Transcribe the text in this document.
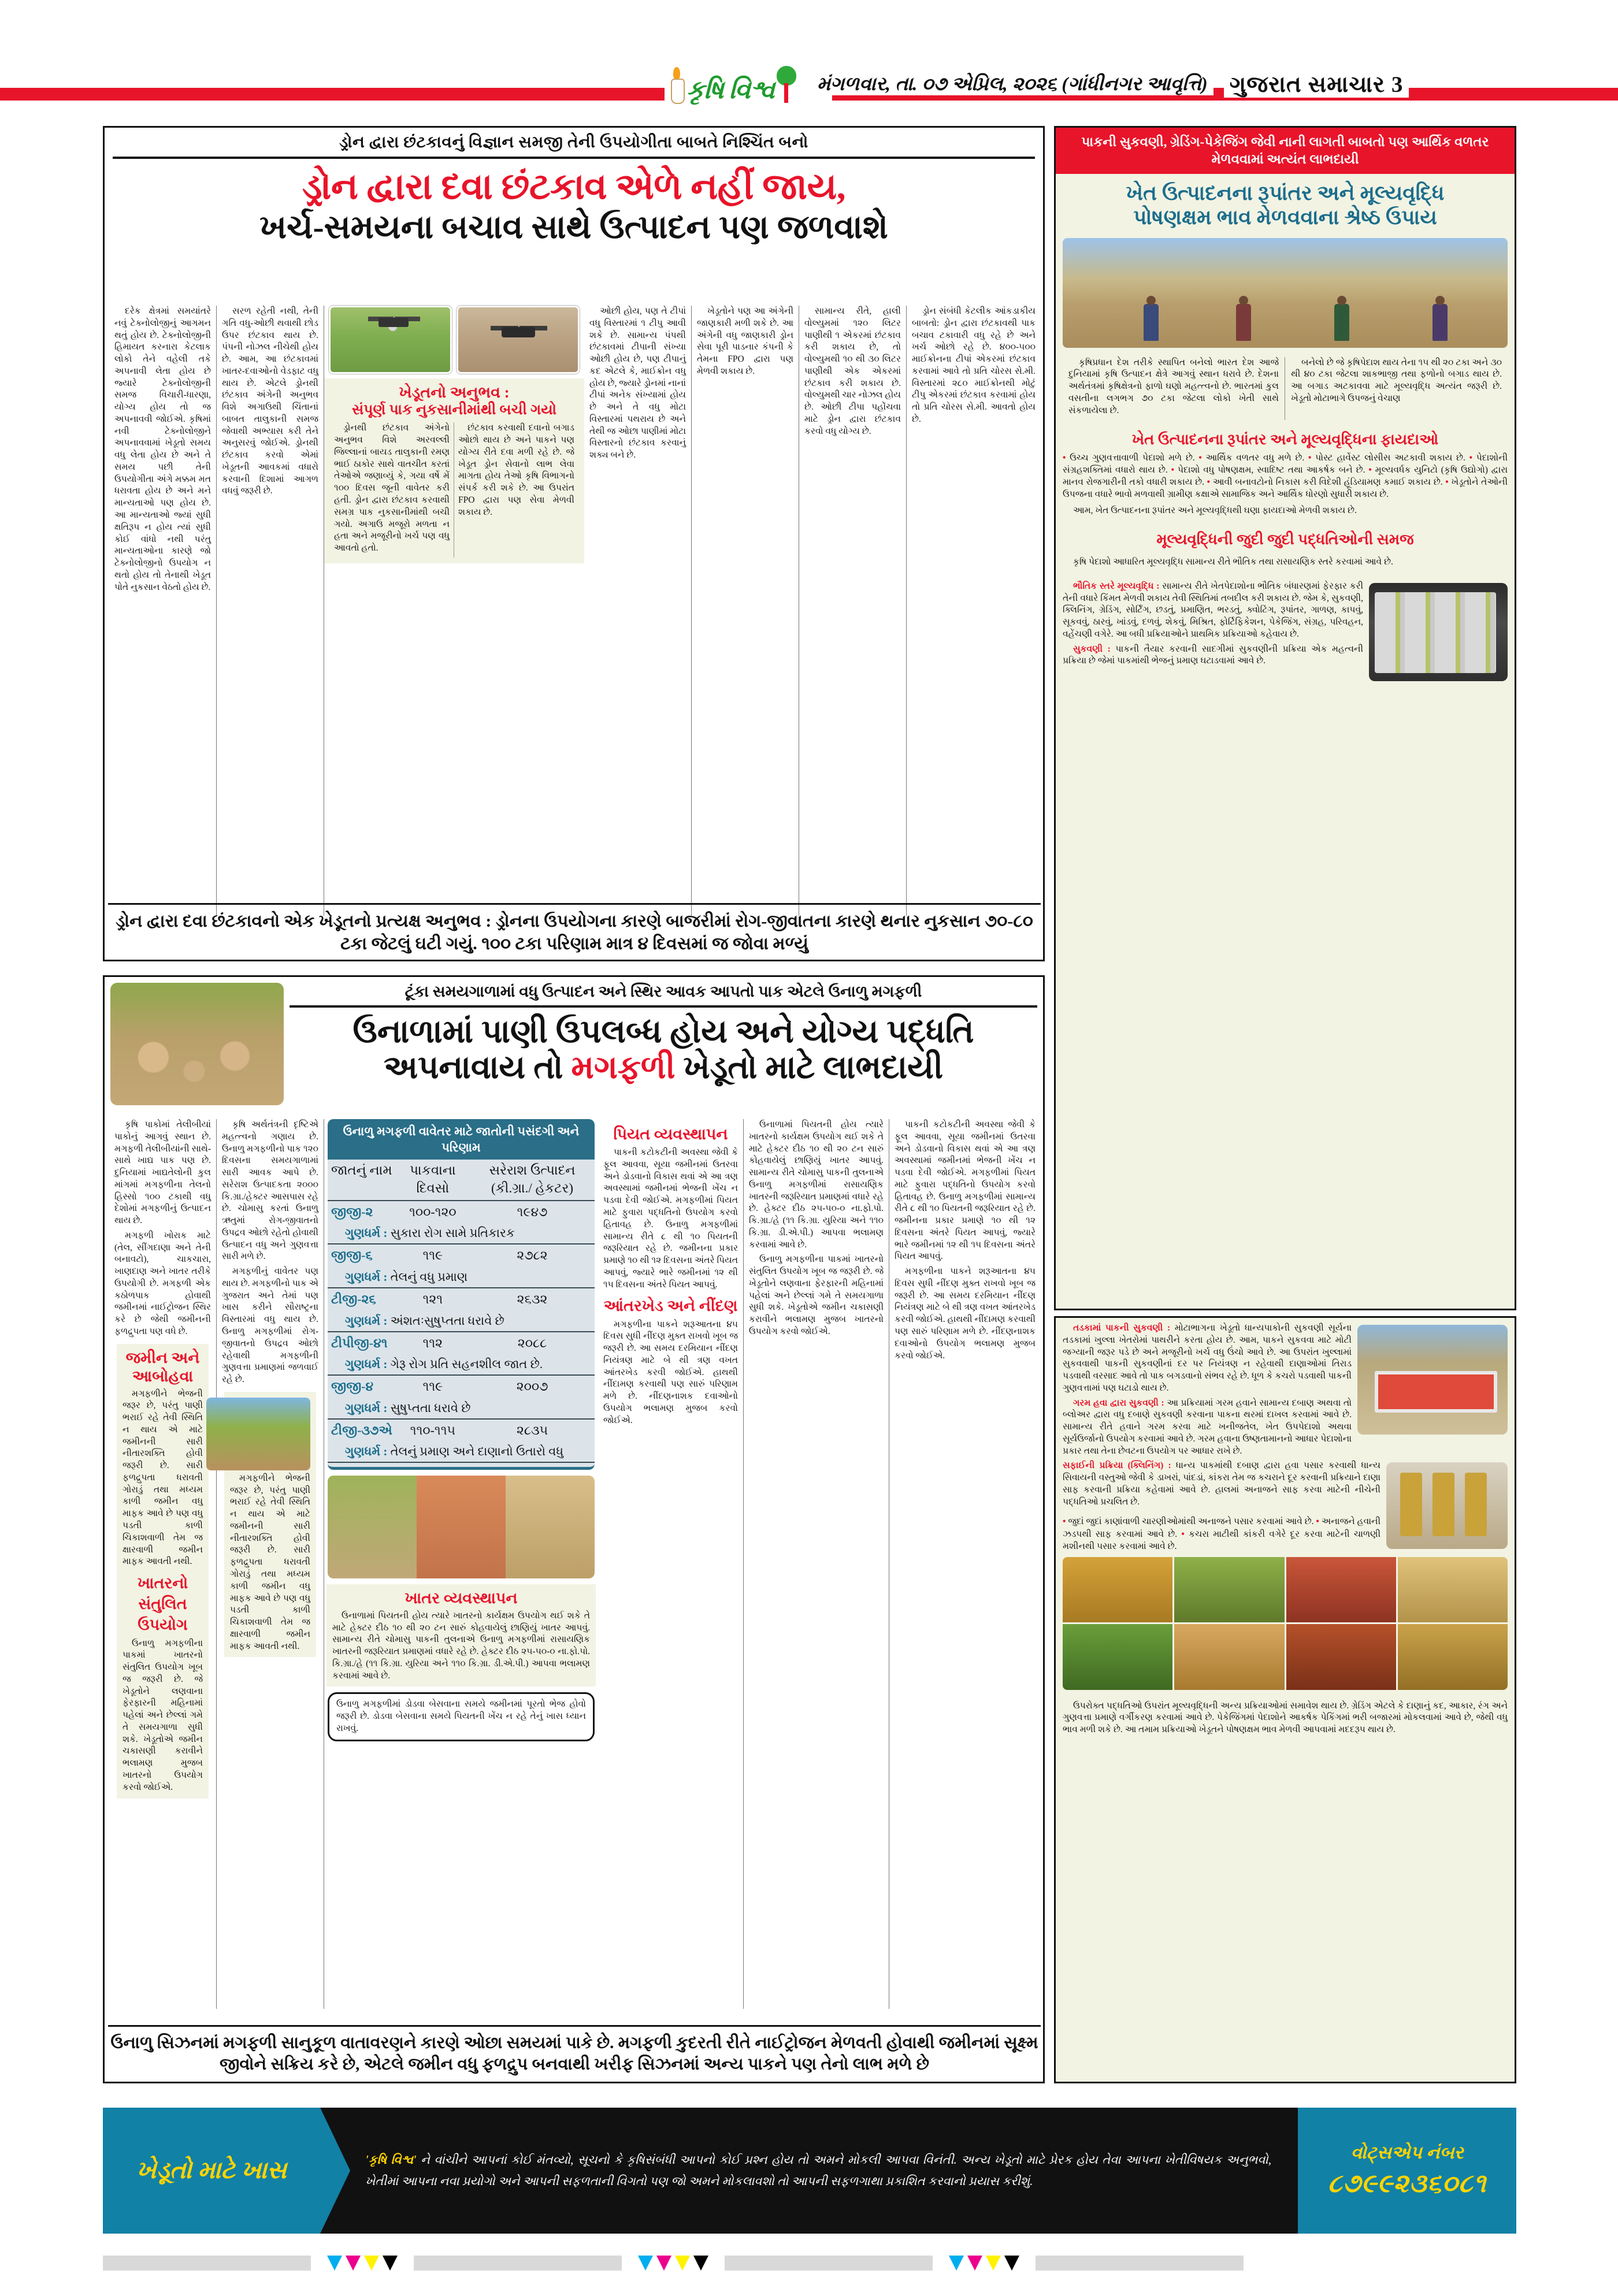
કૃષિ વિશ્વ	મંગળવાર, તા. ૦૭ એપ્રિલ, ૨૦૨૬ (ગાંધીનગર આવૃત્તિ) ગુજરાત સમાચાર 3
ડ્રોન દ્વારા છંટકાવનું વિજ્ઞાન સમજી તેની ઉપયોગીતા બાબતે નિશ્ચિંત બનો
ડ્રોન દ્વારા દવા છંટકાવ એળે નહીં જાય,
ખર્ચ-સમયના બચાવ સાથે ઉત્પાદન પણ જળવાશે

દરેક ક્ષેત્રમાં સમયાંતરે નવું ટેક્નોલોજીનું આગમન થતું હોય છે. ટેક્નોલોજીની હિમાયત કરનારા કેટલાક લોકો તેને વહેલી તકે અપનાવી લેતા હોય છે જ્યારે ટેક્નોલોજીની સમજ વિચારી-ધારણા, યોગ્ય હોય તો જ અપનાવવી જોઈએ. કૃષિમાં નવી ટેક્નોલોજીને અપનાવવામાં ખેડૂતો સમય વધુ લેતા હોય છે અને તે સમય પછી તેની ઉપયોગીતા અંગે મક્કમ મત ધરાવતા હોય છે અને મને માન્યતાઓ પણ હોય છે. આ માન્યતાઓ જ્યાં સુધી ક્ષતિરૂપ ન હોય ત્યાં સુધી કોઈ વાંધો નથી પરંતુ માન્યતાઓના કારણે જો ટેક્નોલોજીનો ઉપયોગ ન થતો હોય તો તેનાથી ખેડૂત પોતે નુકસાન વેઠતો હોય છે.

સરળ રહેતી નથી, તેની ગતિ વધુ-ઓછી થવાથી છોડ ઉપર છંટકાવ થાય છે. પંપની નોઝલ નીચેથી હોય છે. આમ, આ છંટકાવમાં ખાતર-દવાઓનો વેડફાટ વધુ થાય છે. એટલે ડ્રોનથી છંટકાવ અંગેની અનુભવ વિશે અગાઉથી ચિંતાનાં બાબત તાલુકાની સમજ જેવાથી અભ્યાસ કરી તેને અનુસરવું જોઈએ. ડ્રોનથી છંટકાવ કરવો એમાં ખેડૂતની આવકમાં વધારો કરવાની દિશામાં આગળ વધવું જરૂરી છે.

ખેડૂતનો અનુભવ :
સંપૂર્ણ પાક નુકસાનીમાંથી બચી ગયો

ડ્રોનથી છંટકાવ અંગેનો અનુભવ વિશે અરવલ્લી જિલ્લાનાં બાયડ તાલુકાની રમણ ભાઈ ઠાકોર સાથે વાતચીત કરતાં તેઓએ જણાવ્યું કે, ગયા વર્ષે મેં ૧૦૦ દિવસ જૂની વાવેતર કરી હતી. ડ્રોન દ્વારા છંટકાવ કરવાથી સમગ્ર પાક નુકસાનીમાંથી બચી ગયો. અગાઉ મજૂરો મળતા ન હતા અને મજૂરીનો ખર્ચ પણ વધુ આવતો હતો.

છંટકાવ કરવાથી દવાનો બગાડ ઓછો થાય છે અને પાકને પણ યોગ્ય રીતે દવા મળી રહે છે. જે ખેડૂત ડ્રોન સેવાનો લાભ લેવા માગતા હોય તેઓ કૃષિ વિભાગનો સંપર્ક કરી શકે છે. આ ઉપરાંત FPO દ્વારા પણ સેવા મેળવી શકાય છે.

ઓછી હોય, પણ તે ટીપાં વધુ વિસ્તારમાં ૧ ટીપુ આવી શકે છે. સામાન્ય પંપથી છંટકાવમાં ટીપાની સંખ્યા ઓછી હોય છે, પણ ટીપાનું કદ એટલે કે, માઈક્રોન વધુ હોય છે, જ્યારે ડ્રોનમાં નાનાં ટીપાં અનેક સંખ્યામાં હોય છે અને તે વધુ મોટા વિસ્તારમાં પથરાય છે અને તેથી જ ઓછા પાણીમાં મોટા વિસ્તારનો છંટકાવ કરવાનું શક્ય બને છે.

ખેડૂતોને પણ આ અંગેની જાણકારી મળી શકે છે. આ અંગેની વધુ જાણકારી ડ્રોન સેવા પૂરી પાડનાર કંપની કે તેમના FPO દ્વારા પણ મેળવી શકાય છે.

સામાન્ય રીતે, હાલી વોલ્યુમમાં ૧૨૦ લિટર પાણીથી ૧ એકરમાં છંટકાવ કરી શકાય છે, તો વોલ્યુમથી ૧૦ થી ૩૦ લિટર પાણીથી એક એકરમાં છંટકાવ કરી શકાય છે. વોલ્યુમથી ચાર નોઝલ હોય છે. ઓછી ટીપા પહોંચવા માટે ડ્રોન દ્વારા છંટકાવ કરવો વધુ યોગ્ય છે.

ડ્રોન સંબંધી કેટલીક આંકડાકીય બાબતો: ડ્રોન દ્વારા છંટકાવથી પાક બચાવ ટકાવારી વધુ રહે છે અને ખર્ચ ઓછો રહે છે. ૪૦૦-૫૦૦ માઈક્રોનના ટીપાં એકરમાં છંટકાવ કરવામાં આવે તો પ્રતિ ચોરસ સે.મી. વિસ્તારમાં ૨૮૦ માઈક્રોનથી મોટું ટીપુ એકરમાં છંટકાવ કરવામાં હોય તો પ્રતિ ચોરસ સે.મી. આવતો હોય છે.

ડ્રોન દ્વારા દવા છંટકાવનો એક ખેડૂતનો પ્રત્યક્ષ અનુભવ : ડ્રોનના ઉપયોગના કારણે બાજરીમાં રોગ-જીવાતના કારણે થનાર નુકસાન ૭૦-૮૦ ટકા જેટલું ઘટી ગયું. ૧૦૦ ટકા પરિણામ માત્ર ૪ દિવસમાં જ જોવા મળ્યું

પાકની સુકવણી, ગ્રેડિંગ-પેકેજિંગ જેવી નાની લાગતી બાબતો પણ આર્થિક વળતર મેળવવામાં અત્યંત લાભદાયી
ખેત ઉત્પાદનના રૂપાંતર અને મૂલ્યવૃદ્ધિ
પોષણક્ષમ ભાવ મેળવવાના શ્રેષ્ઠ ઉપાય

કૃષિપ્રધાન દેશ તરીકે સ્થાપિત બનેલો ભારત દેશ આજે દુનિયામાં કૃષિ ઉત્પાદન ક્ષેત્રે આગવું સ્થાન ધરાવે છે. દેશના અર્થતંત્રમાં કૃષિક્ષેત્રનો ફાળો ઘણો મહત્ત્વનો છે. ભારતમાં કુલ વસતીના લગભગ ૭૦ ટકા જેટલા લોકો ખેતી સાથે સંકળાયેલા છે.

બનેલો છે જે કૃષિપેદાશ થાય તેના ૧૫ થી ૨૦ ટકા અને ૩૦ થી ૪૦ ટકા જેટલા શાકભાજી તથા ફળોનો બગાડ થાય છે. આ બગાડ અટકાવવા માટે મૂલ્યવૃદ્ધિ અત્યંત જરૂરી છે. ખેડૂતો મોટાભાગે ઉપજનું વેચાણ

ખેત ઉત્પાદનના રૂપાંતર અને મૂલ્યવૃદ્ધિના ફાયદાઓ
• ઉચ્ચ ગુણવત્તાવાળી પેદાશો મળે છે. • આર્થિક વળતર વધુ મળે છે. • પોસ્ટ હાર્વેસ્ટ લોસીસ અટકાવી શકાય છે. • પેદાશોની સંગ્રહશક્તિમાં વધારો થાય છે. • પેદાશો વધુ પોષણક્ષમ, સ્વાદિષ્ટ તથા આકર્ષક બને છે. • મૂલ્યવર્ધક યુનિટો (કૃષિ ઉદ્યોગો) દ્વારા માનવ રોજગારીની તકો વધારી શકાય છે. • આવી બનાવટોનો નિકાસ કરી વિદેશી હૂંડિયામણ કમાઈ શકાય છે. • ખેડૂતોને તેઓની ઉપજના વધારે ભાવો મળવાથી ગ્રામીણ કક્ષાએ સામાજિક અને આર્થિક ધોરણો સુધારી શકાય છે.

આમ, ખેત ઉત્પાદનના રૂપાંતર અને મૂલ્યવૃદ્ધિથી ઘણા ફાયદાઓ મેળવી શકાય છે.

મૂલ્યવૃદ્ધિની જુદી જુદી પદ્ધતિઓની સમજ

કૃષિ પેદાશો આધારિત મૂલ્યવૃદ્ધિ સામાન્ય રીતે ભૌતિક તથા રાસાયણિક સ્તરે કરવામાં આવે છે.

ભૌતિક સ્તરે મૂલ્યવૃદ્ધિ : સામાન્ય રીતે ખેતપેદાશોના ભૌતિક બંધારણમાં ફેરફાર કરી તેની વધારે કિંમત મેળવી શકાય તેવી સ્થિતિમાં તબદીલ કરી શકાય છે. જેમ કે, સુકવણી, ક્લિનિંગ, ગ્રેડિંગ, સોર્ટિંગ, છડતું, પ્રમાણિત, ભરડતું, ક્વોટિંગ, રૂપાંતર, ગાળણ, કાપવું, સૂકવવું, ઠારવું, ખાંડવું, દળવું, શેકવું, મિશ્રિત, ફોર્ટિફિકેશન, પેકેજિંગ, સંગ્રહ, પરિવહન, વહેંચણી વગેરે. આ બધી પ્રક્રિયાઓને પ્રાથમિક પ્રક્રિયાઓ કહેવાય છે.

સુકવણી : પાકની તૈયાર કરવાની સાદગીમાં સુકવણીની પ્રક્રિયા એક મહત્વની પ્રક્રિયા છે જેમાં પાકમાંથી ભેજનું પ્રમાણ ઘટાડવામાં આવે છે.

તડકામાં પાકની સુકવણી : મોટાભાગના ખેડૂતો ધાન્યપાકોની સુકવણી સૂર્યના તડકામાં ખુલ્લા ખેતરોમાં પાથરીને કરતા હોય છે. આમ, પાકને સુકવવા માટે મોટી જગ્યાની જરૂર પડે છે અને મજૂરીનો ખર્ચ વધુ ઉંચો આવે છે. આ ઉપરાંત ખુલ્લામાં સુકવવાથી પાકની સુકવણીનાં દર પર નિયંત્રણ ન રહેવાથી દાણાઓમાં તિરાડ પડવાથી વરસાદ આવે તો પાક બગડવાનો સંભવ રહે છે. ધૂળ કે કચરો પડવાથી પાકની ગુણવત્તામાં પણ ઘટાડો થાય છે.

ગરમ હવા દ્વારા સુકવણી : આ પ્રક્રિયામાં ગરમ હવાને સામાન્ય દબાણ અથવા તો બ્લોઅર દ્વારા વધુ દબાણે સુકવણી કરવાના પાકના થરમાં દાખલ કરવામાં આવે છે. સામાન્ય રીતે હવાને ગરમ કરવા માટે ખનીજતેલ, ખેત ઉપપેદાશો અથવા સૂર્યઉર્જાનો ઉપયોગ કરવામાં આવે છે. ગરમ હવાના ઉષ્ણતામાનનો આધાર પેદાશોના પ્રકાર તથા તેના છેવટના ઉપયોગ પર આધાર રાખે છે.

સફાઈની પ્રક્રિયા (ક્લિનિંગ) : ધાન્ય પાકમાંથી દબાણ દ્વારા હવા પસાર કરવાથી ધાન્ય સિવાયની વસ્તુઓ જેવી કે ડાખરાં, પાંદડાં, કાંકરા તેમ જ કચરાને દૂર કરવાની પ્રક્રિયાને દાણા સાફ કરવાની પ્રક્રિયા કહેવામાં આવે છે. હાલમાં અનાજને સાફ કરવા માટેની નીચેની પદ્ધતિઓ પ્રચલિત છે.

• જુદાં જુદાં કાણાંવાળી ચારણીઓમાંથી અનાજને પસાર કરવામાં આવે છે. • અનાજને હવાની ઝડપથી સાફ કરવામાં આવે છે. • કચરા માટીથી કાંકરી વગેરે દૂર કરવા માટેની ચાળણી મશીનથી પસાર કરવામાં આવે છે.

ઉપરોક્ત પદ્ધતિઓ ઉપરાંત મૂલ્યવૃદ્ધિની અન્ય પ્રક્રિયાઓમાં સમાવેશ થાય છે. ગ્રેડિંગ એટલે કે દાણાનું કદ, આકાર, રંગ અને ગુણવત્તા પ્રમાણે વર્ગીકરણ કરવામાં આવે છે. પેકેજિંગમાં પેદાશોને આકર્ષક પેકિંગમાં ભરી બજારમાં મોકલવામાં આવે છે, જેથી વધુ ભાવ મળી શકે છે. આ તમામ પ્રક્રિયાઓ ખેડૂતને પોષણક્ષમ ભાવ મેળવી આપવામાં મદદરૂપ થાય છે.

ટૂંકા સમયગાળામાં વધુ ઉત્પાદન અને સ્થિર આવક આપતો પાક એટલે ઉનાળુ મગફળી
ઉનાળામાં પાણી ઉપલબ્ધ હોય અને યોગ્ય પદ્ધતિ
અપનાવાય તો મગફળી ખેડૂતો માટે લાભદાયી

કૃષિ પાકોમાં તેલીબીયાં પાકોનું આગવું સ્થાન છે. મગફળી તેલીબીયાંની સાથે-સાથે ખાદ્ય પાક પણ છે. દુનિયામાં ખાદ્યતેલોની કુલ માંગમાં મગફળીના તેલનો હિસ્સો ૧૦૦ ટકાથી વધુ દેશોમાં મગફળીનું ઉત્પાદન થાય છે.

મગફળી ખોરાક માટે (તેલ, સીંગદાણા અને તેની બનાવટો), ચાકચારા, ખાણદાણ અને ખાતર તરીકે ઉપયોગી છે. મગફળી એક કઠોળપાક હોવાથી જમીનમાં નાઈટ્રોજન સ્થિર કરે છે જેથી જમીનની ફળદ્રુપતા પણ વધે છે.

જમીન અને આબોહવા

મગફળીને ભેજની જરૂર છે, પરંતુ પાણી ભરાઈ રહે તેવી સ્થિતિ ન થાય એ માટે જમીનની સારી નીતારશક્તિ હોવી જરૂરી છે. સારી ફળદ્રુપતા ધરાવતી ગોરાડું તથા મધ્યમ કાળી જમીન વધુ માફક આવે છે પણ વધુ પડતી કાળી ચિકાશવાળી તેમ જ ક્ષારવાળી જમીન માફક આવતી નથી.

ખાતરનો સંતુલિત ઉપયોગ

ઉનાળુ મગફળીના પાકમાં ખાતરનો સંતુલિત ઉપયોગ ખૂબ જ જરૂરી છે. જે ખેડૂતોને લણવાના ફેરફારની મહિનામાં પહેલાં અને છેલ્લાં ગમે તે સમયગાળા સુધી શકે. ખેડૂતોએ જમીન ચકાસણી કરાવીને ભલામણ મુજબ ખાતરનો ઉપયોગ કરવો જોઈએ.

કૃષિ અર્થતંત્રની દૃષ્ટિએ મહત્ત્વનો ગણાય છે. ઉનાળુ મગફળીનો પાક ૧૨૦ દિવસના સમયગાળામાં સારી આવક આપે છે. સરેરાશ ઉત્પાદકતા ૨૦૦૦ કિ.ગ્રા./હેક્ટર આસપાસ રહે છે. ચોમાસુ કરતાં ઉનાળુ ઋતુમાં રોગ-જીવાતનો ઉપદ્રવ ઓછો રહેતો હોવાથી ઉત્પાદન વધુ અને ગુણવત્તા સારી મળે છે.

મગફળીનું વાવેતર પણ થાય છે. મગફળીનો પાક એ ગુજરાત અને તેમાં પણ ખાસ કરીને સૌરાષ્ટ્રના વિસ્તારમાં વધુ થાય છે. ઉનાળુ મગફળીમાં રોગ-જીવાતનો ઉપદ્રવ ઓછો રહેવાથી મગફળીની ગુણવત્તા પ્રમાણમાં જળવાઈ રહે છે.

મગફળીને ભેજની જરૂર છે, પરંતુ પાણી ભરાઈ રહે તેવી સ્થિતિ ન થાય એ માટે જમીનની સારી નીતારશક્તિ હોવી જરૂરી છે. સારી ફળદ્રુપતા ધરાવતી ગોરાડું તથા મધ્યમ કાળી જમીન વધુ માફક આવે છે પણ વધુ પડતી કાળી ચિકાશવાળી તેમ જ ક્ષારવાળી જમીન માફક આવતી નથી.

ઉનાળુ મગફળી વાવેતર માટે જાતોની પસંદગી અને પરિણામ
જાતનું નામ	પાકવાના દિવસો	સરેરાશ ઉત્પાદન (કી.ગ્રા./ હેકટર)
જીજી-૨	૧૦૦-૧૨૦	૧૯૪૭
ગુણધર્મ : સુકારા રોગ સામે પ્રતિકારક		
જીજી-૬	૧૧૯	૨૭૮૨
ગુણધર્મ : તેલનું વધુ પ્રમાણ		
ટીજી-૨૬	૧૨૧	૨૬૩૨
ગુણધર્મ : અંશતઃસુષુપ્તતા ધરાવે છે		
ટીપીજી-૪૧	૧૧૨	૨૦૮૮
ગુણધર્મ : ગેરૂ રોગ પ્રતિ સહનશીલ જાત છે.		
જીજી-૪	૧૧૯	૨૦૦૭
ગુણધર્મ : સુષુપ્તતા ધરાવે છે		
ટીજી-૩૭એ	૧૧૦-૧૧૫	૨૮૩૫
ગુણધર્મ : તેલનું પ્રમાણ અને દાણાનો ઉતારો વધુ		
ખાતર વ્યવસ્થાપન

ઉનાળામાં પિયતની હોય ત્યારે ખાતરનો કાર્યક્ષમ ઉપયોગ થઈ શકે તે માટે હેક્ટર દીઠ ૧૦ થી ૨૦ ટન સારું કોહવાયેલું છાણિયું ખાતર આપવું. સામાન્ય રીતે ચોમાસુ પાકની તુલનાએ ઉનાળુ મગફળીમાં રાસાયણિક ખાતરની જરૂરિયાત પ્રમાણમાં વધારે રહે છે. હેક્ટર દીઠ ૨૫-૫૦-૦ ના.ફો.પો. કિ.ગ્રા./હે (૧૧ કિ.ગ્રા. યુરિયા અને ૧૧૦ કિ.ગ્રા. ડી.એ.પી.) આપવા ભલામણ કરવામાં આવે છે.

ઉનાળુ મગફળીમાં ડોડવા બેસવાના સમયે જમીનમાં પૂરતો ભેજ હોવો જરૂરી છે. ડોડવા બેસવાના સમયે પિયતની ખેંચ ન રહે તેનું ખાસ ધ્યાન રાખવું.
પિયત વ્યવસ્થાપન

પાકની કટોકટીની અવસ્થા જેવી કે ફૂલ આવવા, સૂયા જમીનમાં ઉતરવા અને ડોડવાનો વિકાસ થવાં એ આ ત્રણ અવસ્થામાં જમીનમાં ભેજની ખેંચ ન પડવા દેવી જોઈએ. મગફળીમાં પિયત માટે ફુવારા પદ્ધતિનો ઉપયોગ કરવો હિતાવહ છે. ઉનાળુ મગફળીમાં સામાન્ય રીતે ૮ થી ૧૦ પિયતની જરૂરિયાત રહે છે. જમીનના પ્રકાર પ્રમાણે ૧૦ થી ૧૨ દિવસના અંતરે પિયત આપવું, જ્યારે ભારે જમીનમાં ૧૨ થી ૧૫ દિવસના અંતરે પિયત આપવું.

આંતરખેડ અને નીંદણ

મગફળીના પાકને શરૂઆતના ૪૫ દિવસ સુધી નીંદણ મુક્ત રાખવો ખૂબ જ જરૂરી છે. આ સમય દરમિયાન નીંદણ નિયંત્રણ માટે બે થી ત્રણ વખત આંતરખેડ કરવી જોઈએ. હાથથી નીંદામણ કરવાથી પણ સારું પરિણામ મળે છે. નીંદણનાશક દવાઓનો ઉપયોગ ભલામણ મુજબ કરવો જોઈએ.

ઉનાળામાં પિયતની હોય ત્યારે ખાતરનો કાર્યક્ષમ ઉપયોગ થઈ શકે તે માટે હેક્ટર દીઠ ૧૦ થી ૨૦ ટન સારું કોહવાયેલું છાણિયું ખાતર આપવું. સામાન્ય રીતે ચોમાસુ પાકની તુલનાએ ઉનાળુ મગફળીમાં રાસાયણિક ખાતરની જરૂરિયાત પ્રમાણમાં વધારે રહે છે. હેક્ટર દીઠ ૨૫-૫૦-૦ ના.ફો.પો. કિ.ગ્રા./હે (૧૧ કિ.ગ્રા. યુરિયા અને ૧૧૦ કિ.ગ્રા. ડી.એ.પી.) આપવા ભલામણ કરવામાં આવે છે.

ઉનાળુ મગફળીના પાકમાં ખાતરનો સંતુલિત ઉપયોગ ખૂબ જ જરૂરી છે. જે ખેડૂતોને લણવાના ફેરફારની મહિનામાં પહેલાં અને છેલ્લાં ગમે તે સમયગાળા સુધી શકે. ખેડૂતોએ જમીન ચકાસણી કરાવીને ભલામણ મુજબ ખાતરનો ઉપયોગ કરવો જોઈએ.

પાકની કટોકટીની અવસ્થા જેવી કે ફૂલ આવવા, સૂયા જમીનમાં ઉતરવા અને ડોડવાનો વિકાસ થવાં એ આ ત્રણ અવસ્થામાં જમીનમાં ભેજની ખેંચ ન પડવા દેવી જોઈએ. મગફળીમાં પિયત માટે ફુવારા પદ્ધતિનો ઉપયોગ કરવો હિતાવહ છે. ઉનાળુ મગફળીમાં સામાન્ય રીતે ૮ થી ૧૦ પિયતની જરૂરિયાત રહે છે. જમીનના પ્રકાર પ્રમાણે ૧૦ થી ૧૨ દિવસના અંતરે પિયત આપવું, જ્યારે ભારે જમીનમાં ૧૨ થી ૧૫ દિવસના અંતરે પિયત આપવું.

મગફળીના પાકને શરૂઆતના ૪૫ દિવસ સુધી નીંદણ મુક્ત રાખવો ખૂબ જ જરૂરી છે. આ સમય દરમિયાન નીંદણ નિયંત્રણ માટે બે થી ત્રણ વખત આંતરખેડ કરવી જોઈએ. હાથથી નીંદામણ કરવાથી પણ સારું પરિણામ મળે છે. નીંદણનાશક દવાઓનો ઉપયોગ ભલામણ મુજબ કરવો જોઈએ.

ઉનાળુ સિઝનમાં મગફળી સાનુકૂળ વાતાવરણને કારણે ઓછા સમયમાં પાકે છે. મગફળી કુદરતી રીતે નાઈટ્રોજન મેળવતી હોવાથી જમીનમાં સૂક્ષ્મ જીવોને સક્રિય કરે છે, એટલે જમીન વધુ ફળદ્રુપ બનવાથી ખરીફ સિઝનમાં અન્ય પાકને પણ તેનો લાભ મળે છે

ખેડૂતો માટે ખાસ	'કૃષિ વિશ્વ' ને વાંચીને આપનાં કોઈ મંતવ્યો, સૂચનો કે કૃષિસંબંધી આપનો કોઈ પ્રશ્ન હોય તો અમને મોકલી આપવા વિનંતી. અન્ય ખેડૂતો માટે પ્રેરક હોય તેવા આપના ખેતીવિષયક અનુભવો, ખેતીમાં આપના નવા પ્રયોગો અને આપની સફળતાની વિગતો પણ જો અમને મોકલાવશો તો આપની સફળગાથા પ્રકાશિત કરવાનો પ્રયાસ કરીશું.

વોટ્સએપ નંબર
૮૭૯૯૨૩૬૦૮૧
